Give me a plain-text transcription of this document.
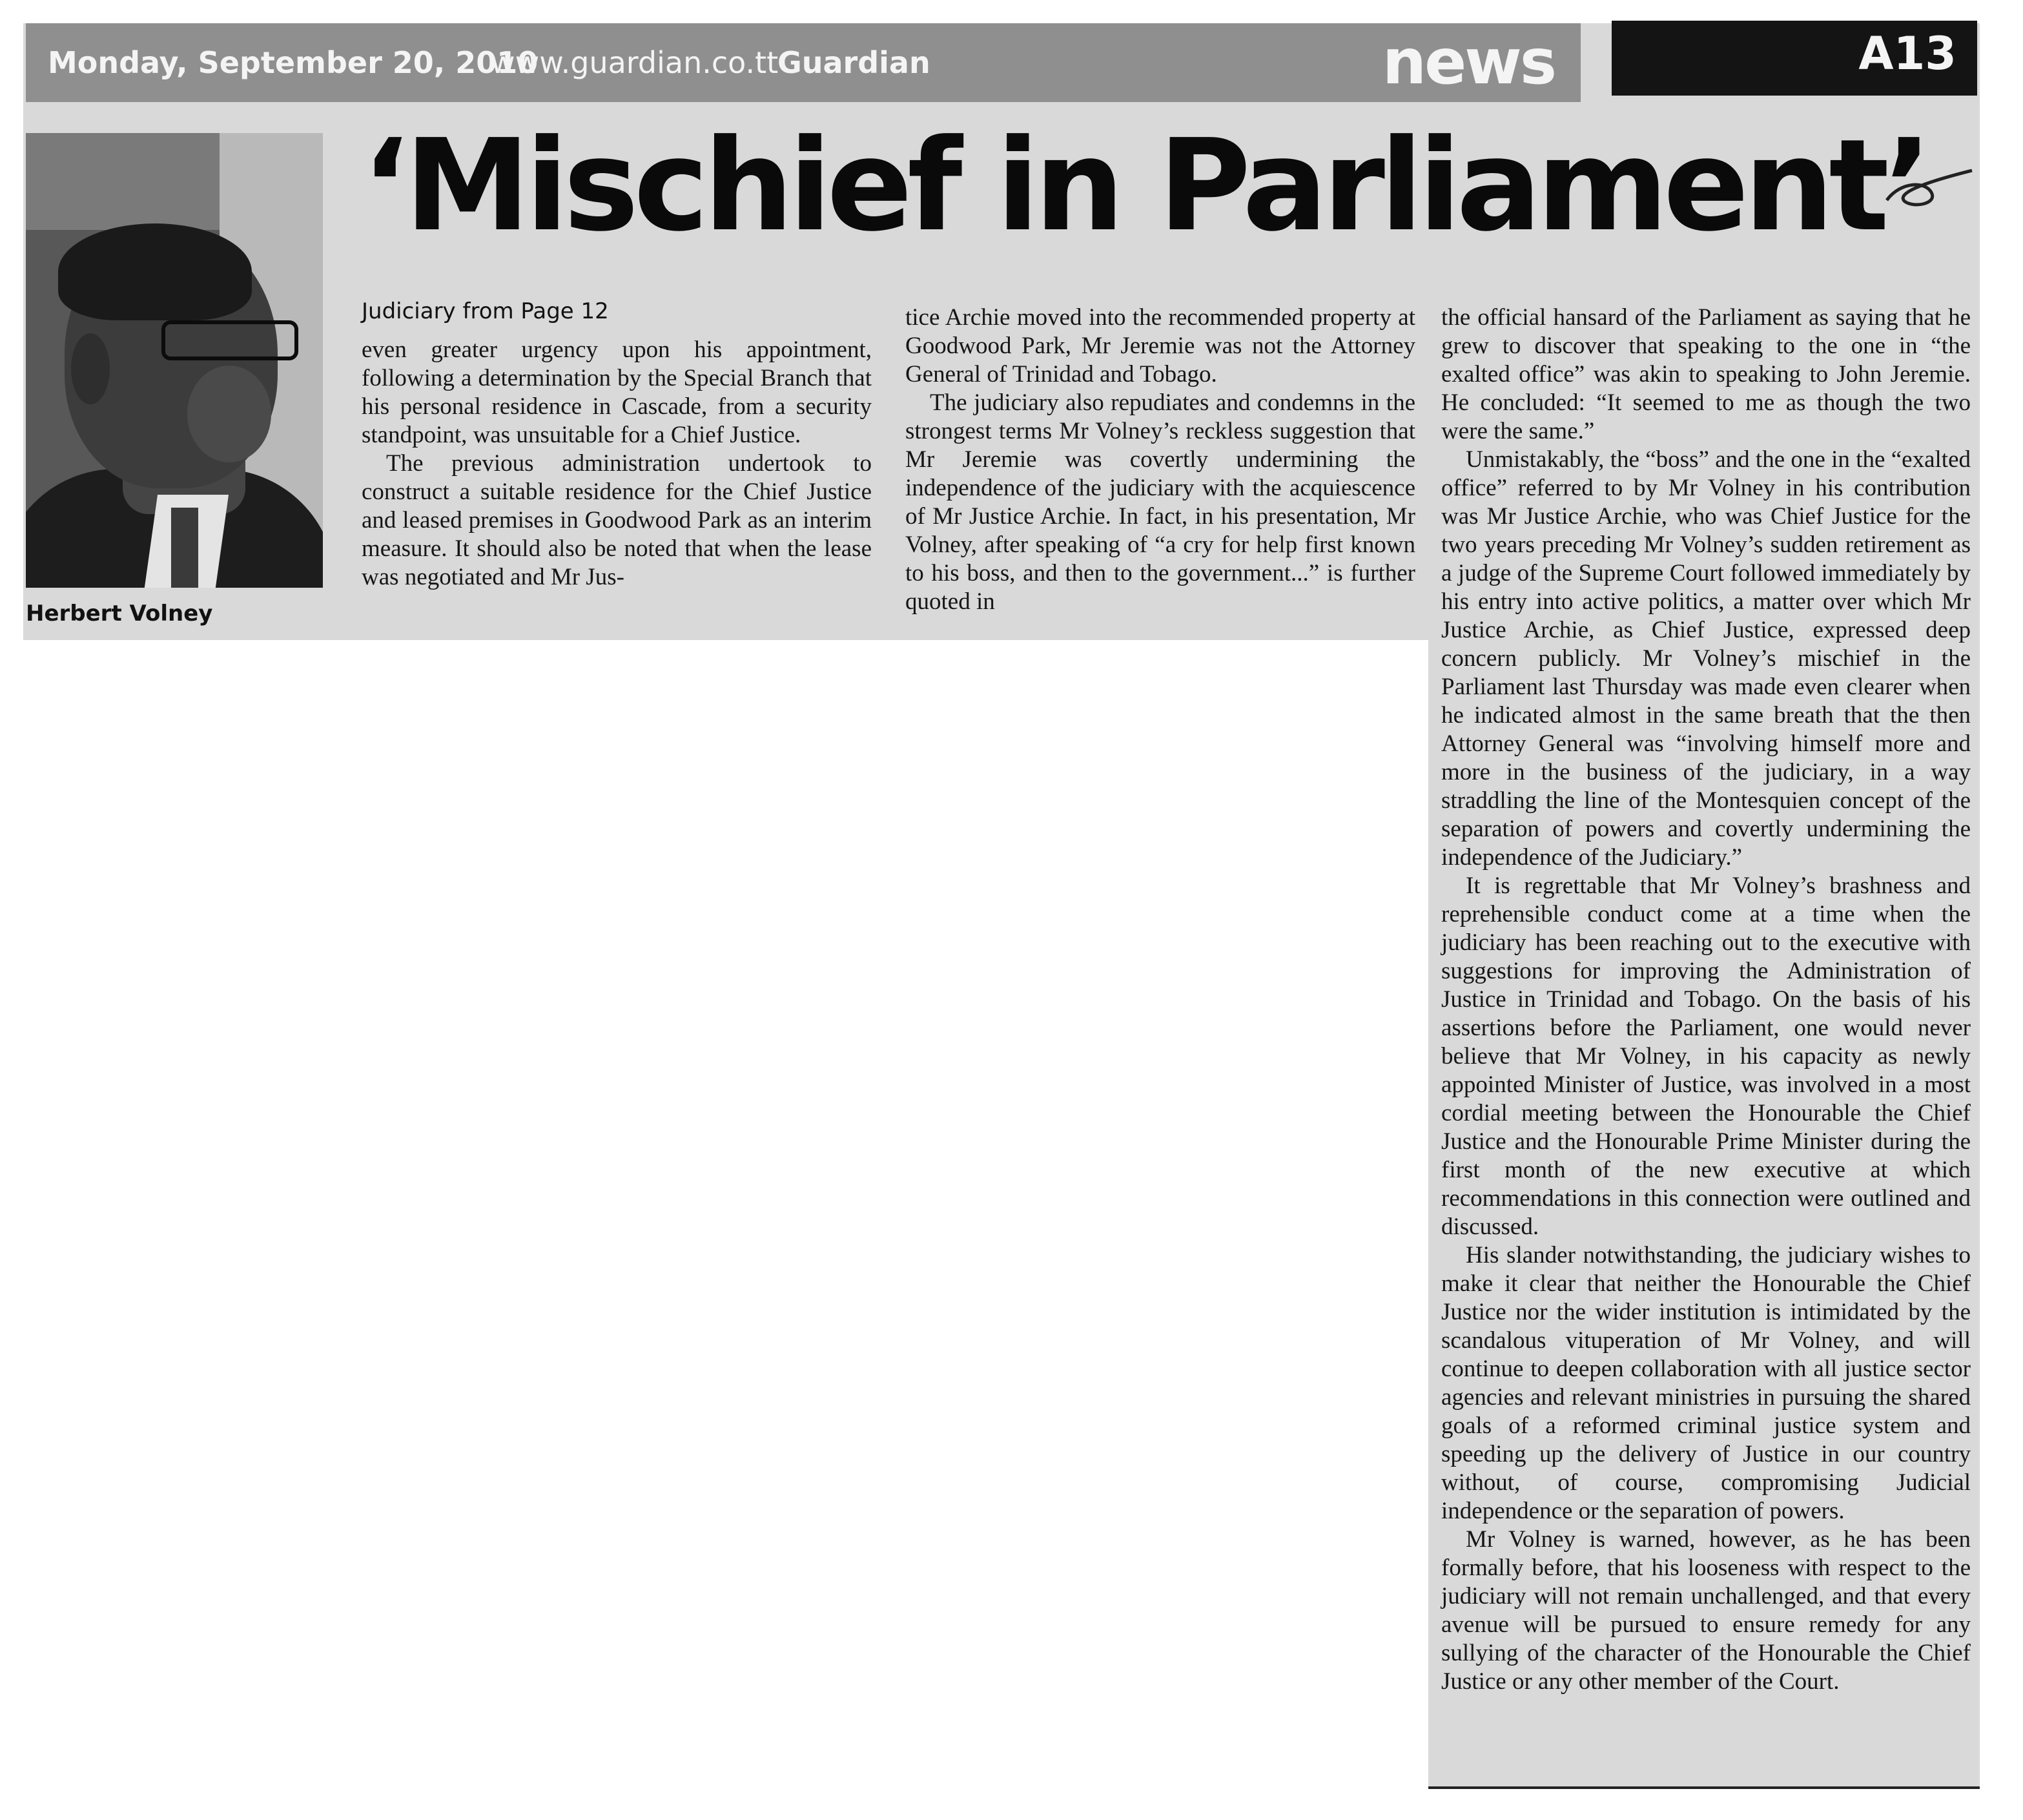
Monday, September 20, 2010
www.guardian.co.tt
Guardian	news	A13
Herbert Volney
‘Mischief in Parliament’
Judiciary from Page 12

even greater urgency upon his appointment, following a determination by the Special Branch that his personal residence in Cascade, from a security standpoint, was unsuitable for a Chief Justice.

The previous administration undertook to construct a suitable residence for the Chief Justice and leased premises in Goodwood Park as an interim measure. It should also be noted that when the lease was negotiated and Mr Jus-

tice Archie moved into the recommended property at Goodwood Park, Mr Jeremie was not the Attorney General of Trinidad and Tobago.

The judiciary also repudiates and condemns in the strongest terms Mr Volney’s reckless suggestion that Mr Jeremie was covertly undermining the independence of the judiciary with the acquiescence of Mr Justice Archie. In fact, in his presentation, Mr Volney, after speaking of “a cry for help first known to his boss, and then to the government...” is further quoted in

the official hansard of the Parliament as saying that he grew to discover that speaking to the one in “the exalted office” was akin to speaking to John Jeremie. He concluded: “It seemed to me as though the two were the same.”

Unmistakably, the “boss” and the one in the “exalted office” referred to by Mr Volney in his contribution was Mr Justice Archie, who was Chief Justice for the two years preceding Mr Volney’s sudden retirement as a judge of the Supreme Court followed immediately by his entry into active politics, a matter over which Mr Justice Archie, as Chief Justice, expressed deep concern publicly. Mr Volney’s mischief in the Parliament last Thursday was made even clearer when he indicated almost in the same breath that the then Attorney General was “involving himself more and more in the business of the judiciary, in a way straddling the line of the Montesquien concept of the separation of powers and covertly undermining the independence of the Judiciary.”

It is regrettable that Mr Volney’s brashness and reprehensible conduct come at a time when the judiciary has been reaching out to the executive with suggestions for improving the Administration of Justice in Trinidad and Tobago. On the basis of his assertions before the Parliament, one would never believe that Mr Volney, in his capacity as newly appointed Minister of Justice, was involved in a most cordial meeting between the Honourable the Chief Justice and the Honourable Prime Minister during the first month of the new executive at which recommendations in this connection were outlined and discussed.

His slander notwithstanding, the judiciary wishes to make it clear that neither the Honourable the Chief Justice nor the wider institution is intimidated by the scandalous vituperation of Mr Volney, and will continue to deepen collaboration with all justice sector agencies and relevant ministries in pursuing the shared goals of a reformed criminal justice system and speeding up the delivery of Justice in our country without, of course, compromising Judicial independence or the separation of powers.

Mr Volney is warned, however, as he has been formally before, that his looseness with respect to the judiciary will not remain unchallenged, and that every avenue will be pursued to ensure remedy for any sullying of the character of the Honourable the Chief Justice or any other member of the Court.
